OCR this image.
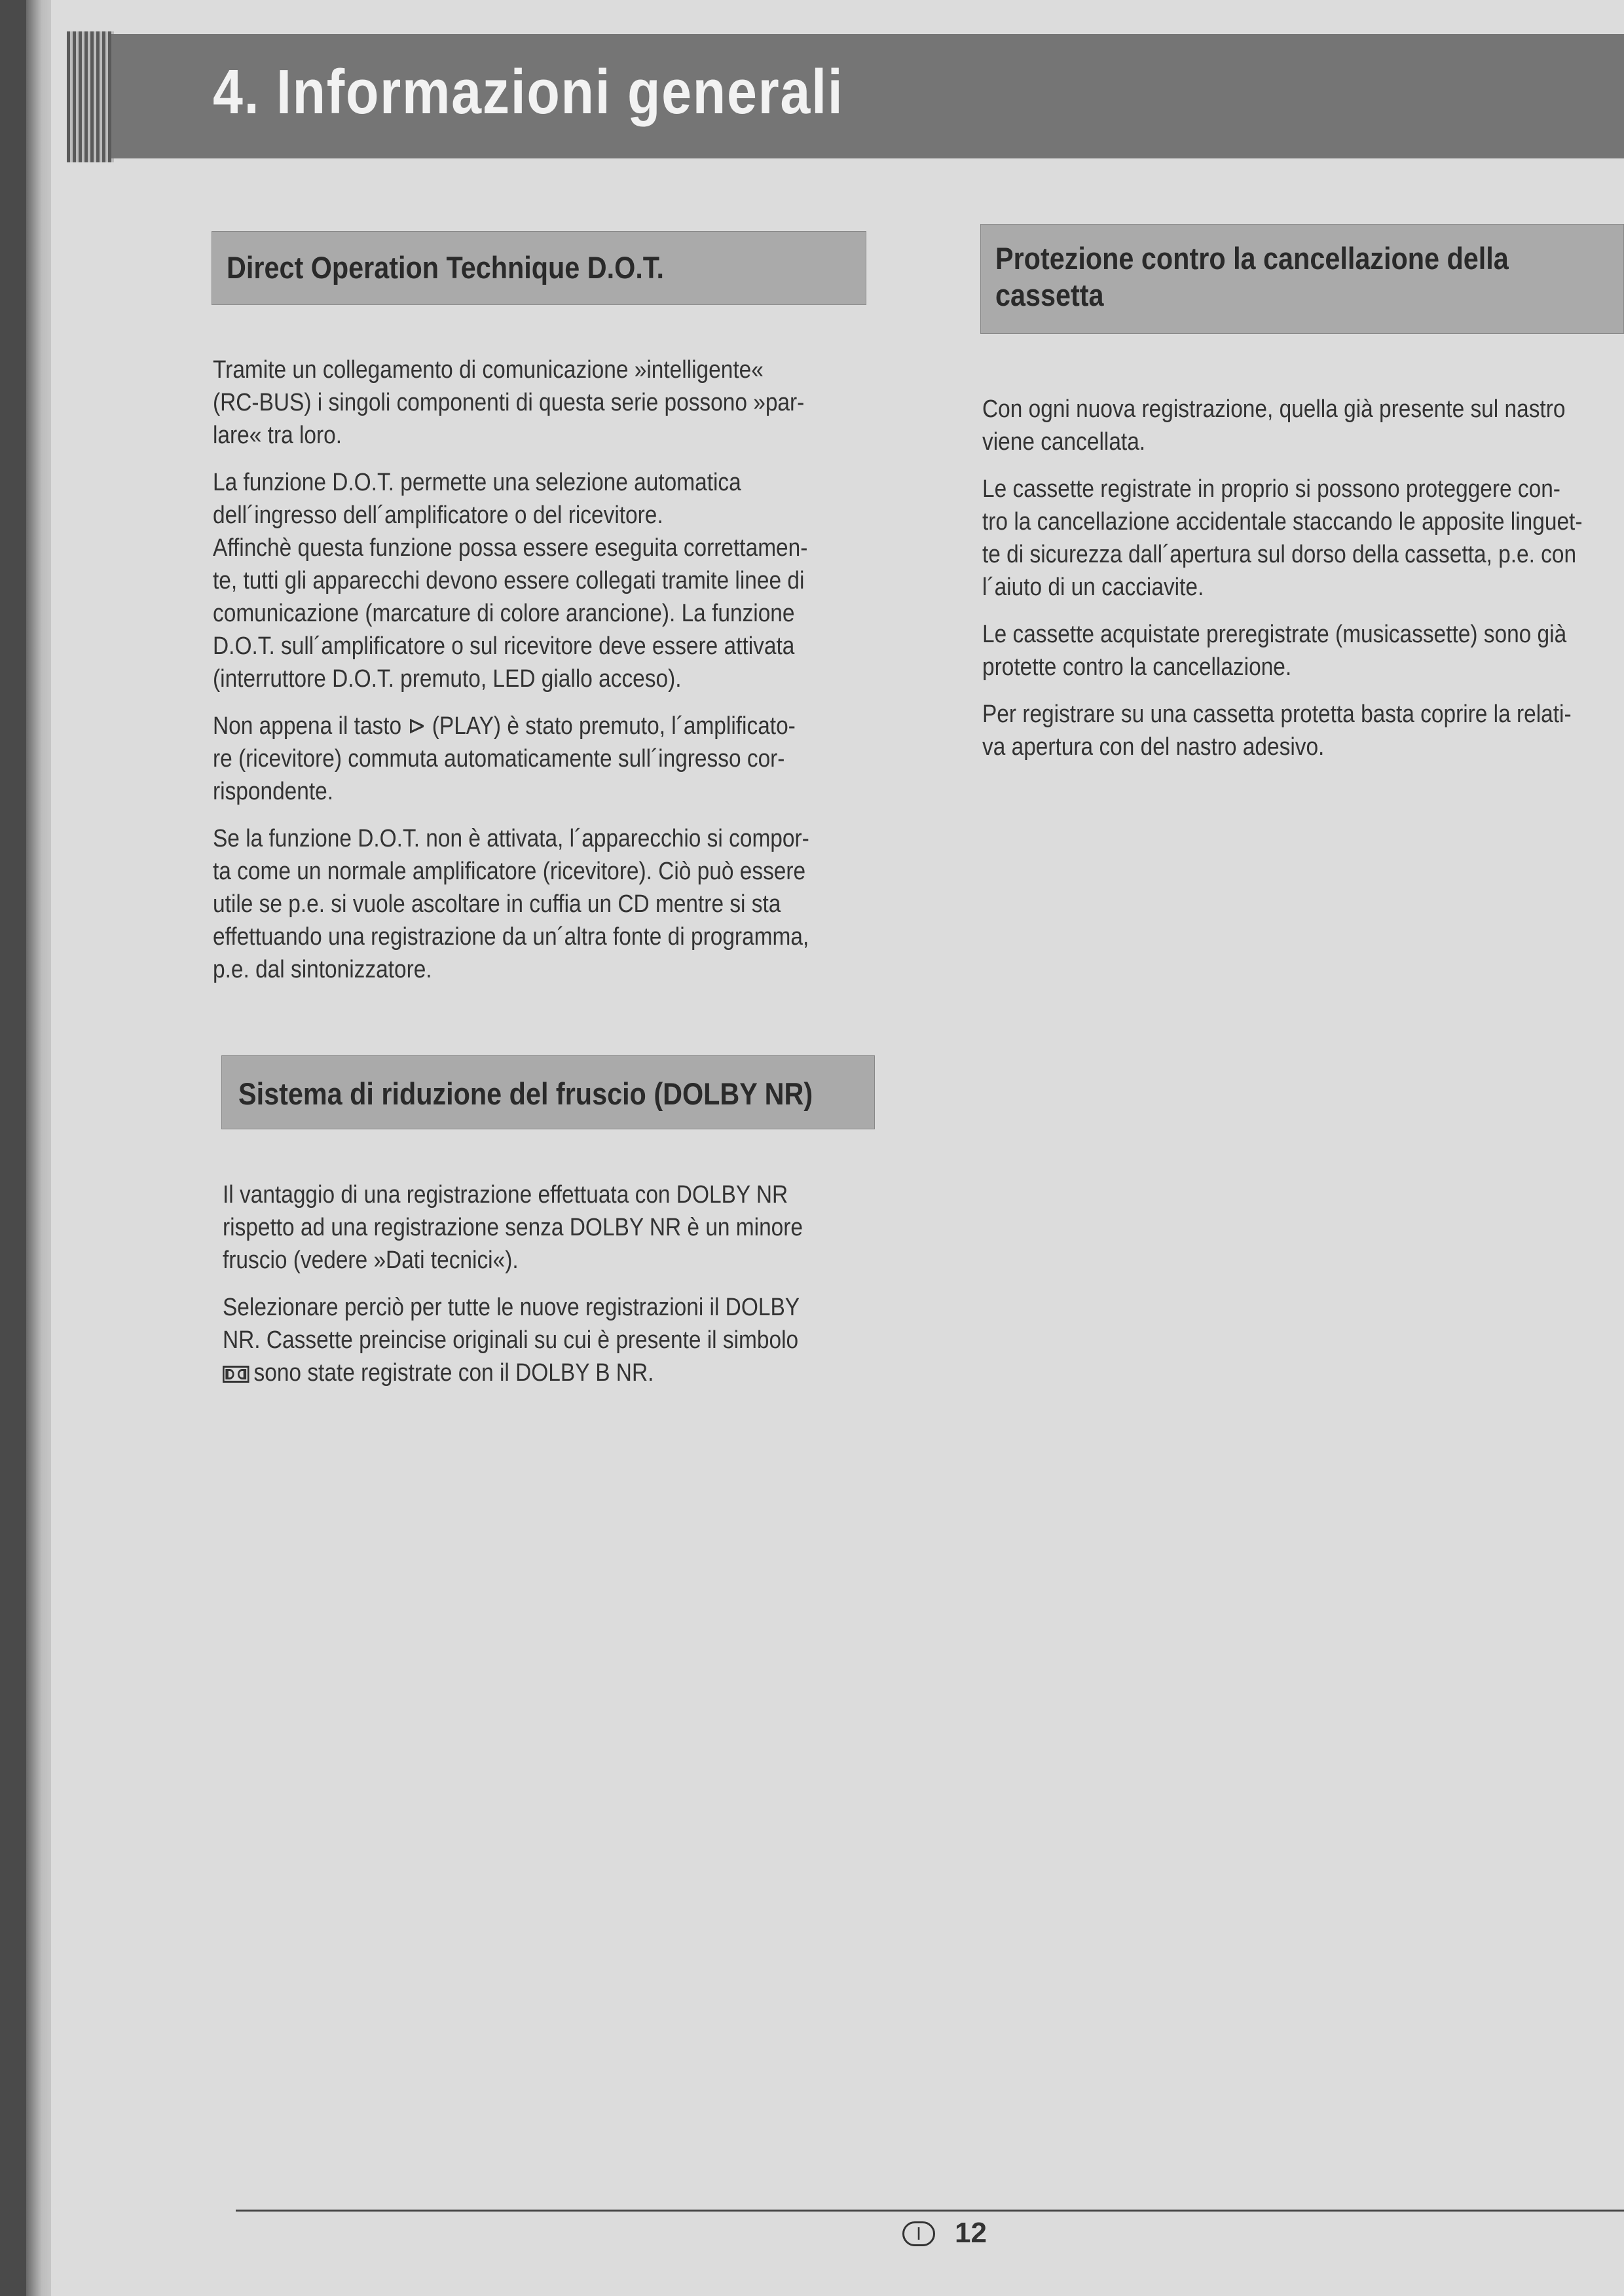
4. Informazioni generali
Direct Operation Technique D.O.T.

Tramite un collegamento di comunicazione »intelligente«
(RC-BUS) i singoli componenti di questa serie possono »par-
lare« tra loro.

La funzione D.O.T. permette una selezione automatica
dell´ingresso dell´amplificatore o del ricevitore.

Affinchè questa funzione possa essere eseguita correttamen-
te, tutti gli apparecchi devono essere collegati tramite linee di
comunicazione (marcature di colore arancione). La funzione
D.O.T. sull´amplificatore o sul ricevitore deve essere attivata
(interruttore D.O.T. premuto, LED giallo acceso).

Non appena il tasto ⊳ (PLAY) è stato premuto, l´amplificato-
re (ricevitore) commuta automaticamente sull´ingresso cor-
rispondente.

Se la funzione D.O.T. non è attivata, l´apparecchio si compor-
ta come un normale amplificatore (ricevitore). Ciò può essere
utile se p.e. si vuole ascoltare in cuffia un CD mentre si sta
effettuando una registrazione da un´altra fonte di programma,
p.e. dal sintonizzatore.

Sistema di riduzione del fruscio (DOLBY NR)

Il vantaggio di una registrazione effettuata con DOLBY NR
rispetto ad una registrazione senza DOLBY NR è un minore
fruscio (vedere »Dati tecnici«).

Selezionare perciò per tutte le nuove registrazioni il DOLBY
NR. Cassette preincise originali su cui è presente il simbolo
sono state registrate con il DOLBY B NR.

Protezione contro la cancellazione della
cassetta

Con ogni nuova registrazione, quella già presente sul nastro
viene cancellata.

Le cassette registrate in proprio si possono proteggere con-
tro la cancellazione accidentale staccando le apposite linguet-
te di sicurezza dall´apertura sul dorso della cassetta, p.e. con
l´aiuto di un cacciavite.

Le cassette acquistate preregistrate (musicassette) sono già
protette contro la cancellazione.

Per registrare su una cassetta protetta basta coprire la relati-
va apertura con del nastro adesivo.

I	12
